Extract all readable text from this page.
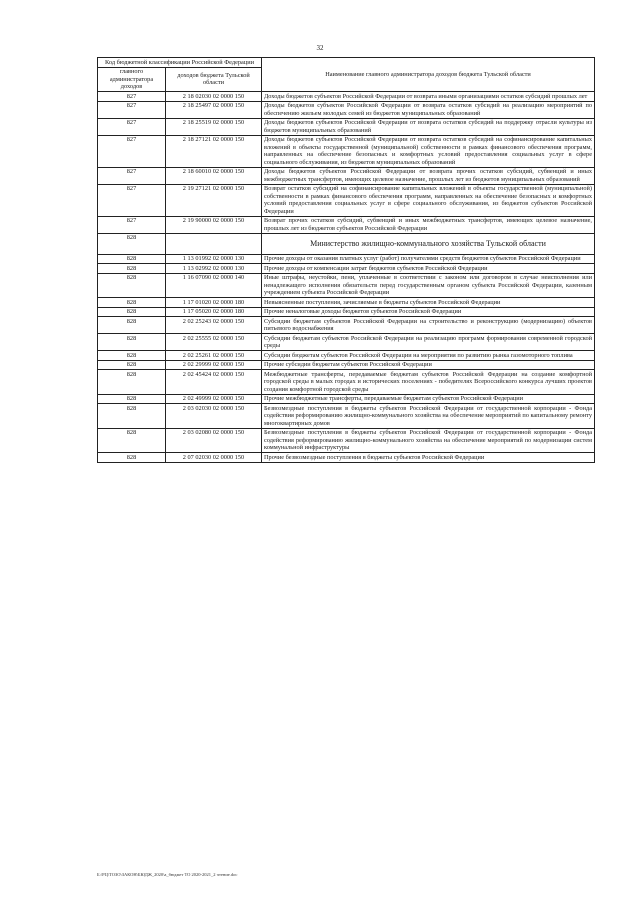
32
Код бюджетной классификации Российской Федерации		Наименование главного администратора доходов бюджета Тульской области
главного администратора доходов	доходов бюджета Тульской области	
827	2 18 02030 02 0000 150	Доходы бюджетов субъектов Российской Федерации от возврата иными организациями остатков субсидий прошлых лет
827	2 18 25497 02 0000 150	Доходы бюджетов субъектов Российской Федерации от возврата остатков субсидий на реализацию мероприятий по обеспечению жильем молодых семей из бюджетов муниципальных образований
827	2 18 25519 02 0000 150	Доходы бюджетов субъектов Российской Федерации от возврата остатков субсидий на поддержку отрасли культуры из бюджетов муниципальных образований
827	2 18 27121 02 0000 150	Доходы бюджетов субъектов Российской Федерации от возврата остатков субсидий на софинансирование капитальных вложений в объекты государственной (муниципальной) собственности в рамках финансового обеспечения программ, направленных на обеспечение безопасных и комфортных условий предоставления социальных услуг в сфере социального обслуживания, из бюджетов муниципальных образований
827	2 18 60010 02 0000 150	Доходы бюджетов субъектов Российской Федерации от возврата прочих остатков субсидий, субвенций и иных межбюджетных трансфертов, имеющих целевое назначение, прошлых лет из бюджетов муниципальных образований
827	2 19 27121 02 0000 150	Возврат остатков субсидий на софинансирование капитальных вложений в объекты государственной (муниципальной) собственности в рамках финансового обеспечения программ, направленных на обеспечение безопасных и комфортных условий предоставления социальных услуг в сфере социального обслуживания, из бюджетов субъектов Российской Федерации
827	2 19 90000 02 0000 150	Возврат прочих остатков субсидий, субвенций и иных межбюджетных трансфертов, имеющих целевое назначение, прошлых лет из бюджетов субъектов Российской Федерации
828		Министерство жилищно-коммунального хозяйства Тульской области
828	1 13 01992 02 0000 130	Прочие доходы от оказания платных услуг (работ) получателями средств бюджетов субъектов Российской Федерации
828	1 13 02992 02 0000 130	Прочие доходы от компенсации затрат бюджетов субъектов Российской Федерации
828	1 16 07090 02 0000 140	Иные штрафы, неустойки, пени, уплаченные в соответствии с законом или договором в случае неисполнения или ненадлежащего исполнения обязательств перед государственным органом субъекта Российской Федерации, казенным учреждением субъекта Российской Федерации
828	1 17 01020 02 0000 180	Невыясненные поступления, зачисляемые в бюджеты субъектов Российской Федерации
828	1 17 05020 02 0000 180	Прочие неналоговые доходы бюджетов субъектов Российской Федерации
828	2 02 25243 02 0000 150	Субсидии бюджетам субъектов Российской Федерации на строительство и реконструкцию (модернизацию) объектов питьевого водоснабжения
828	2 02 25555 02 0000 150	Субсидии бюджетам субъектов Российской Федерации на реализацию программ формирования современной городской среды
828	2 02 25261 02 0000 150	Субсидии бюджетам субъектов Российской Федерации на мероприятия по развитию рынка газомоторного топлива
828	2 02 29999 02 0000 150	Прочие субсидии бюджетам субъектов Российской Федерации
828	2 02 45424 02 0000 150	Межбюджетные трансферты, передаваемые бюджетам субъектов Российской Федерации на создание комфортной городской среды в малых городах и исторических поселениях - победителях Всероссийского конкурса лучших проектов создания комфортной городской среды
828	2 02 49999 02 0000 150	Прочие межбюджетные трансферты, передаваемые бюджетам субъектов Российской Федерации
828	2 03 02030 02 0000 150	Безвозмездные поступления в бюджеты субъектов Российской Федерации от государственной корпорации - Фонда содействия реформированию жилищно-коммунального хозяйства на обеспечение мероприятий по капитальному ремонту многоквартирных домов
828	2 03 02080 02 0000 150	Безвозмездные поступления в бюджеты субъектов Российской Федерации от государственной корпорации - Фонда содействия реформированию жилищно-коммунального хозяйства на обеспечение мероприятий по модернизации систем коммунальной инфраструктуры
828	2 07 02030 02 0000 150	Прочие безвозмездные поступления в бюджеты субъектов Российской Федерации
Б:\РЦ\ТОЗО\ЗАКОН\БЮДЖ_2020\а_бюджет ТО 2020-2021_2 чтение.doc
